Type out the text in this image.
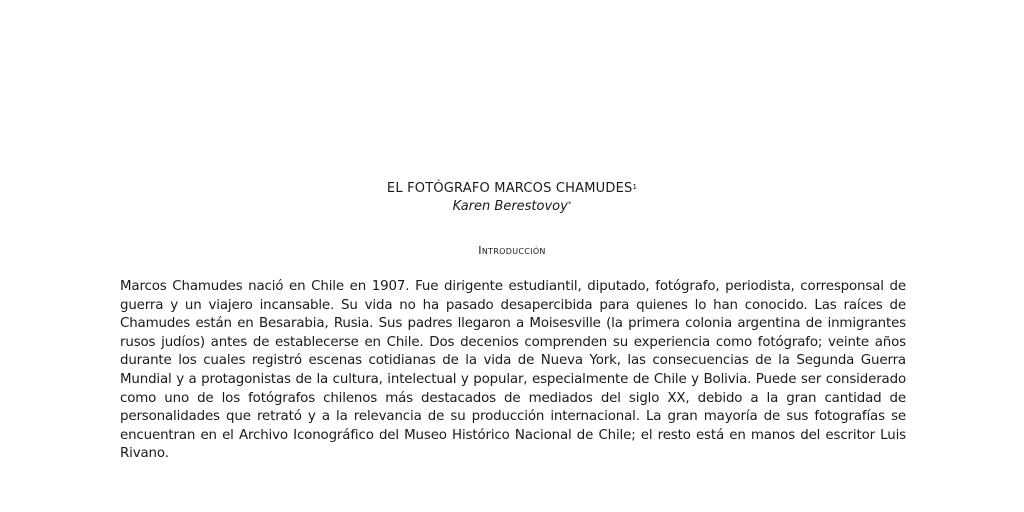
EL FOTÓGRAFO MARCOS CHAMUDES$^1$

Karen Berestovoy*

Introducción

Marcos Chamudes nació en Chile en 1907. Fue dirigente estudiantil, diputado, fotógrafo, periodista, corresponsal de guerra y un viajero incansable. Su vida no ha pasado desapercibida para quienes lo han conocido. Las raíces de Chamudes están en Besarabia, Rusia. Sus padres llegaron a Moisesville (la primera colonia argentina de inmigrantes rusos judíos) antes de establecerse en Chile. Dos decenios comprenden su experiencia como fotógrafo; veinte años durante los cuales registró escenas cotidianas de la vida de Nueva York, las consecuencias de la Segunda Guerra Mundial y a protagonistas de la cultura, intelectual y popular, especialmente de Chile y Bolivia. Puede ser considerado como uno de los fotógrafos chilenos más destacados de mediados del siglo XX, debido a la gran cantidad de personalidades que retrató y a la relevancia de su producción internacional. La gran mayoría de sus fotografías se encuentran en el Archivo Iconográfico del Museo Histórico Nacional de Chile; el resto está en manos del escritor Luis Rivano.
